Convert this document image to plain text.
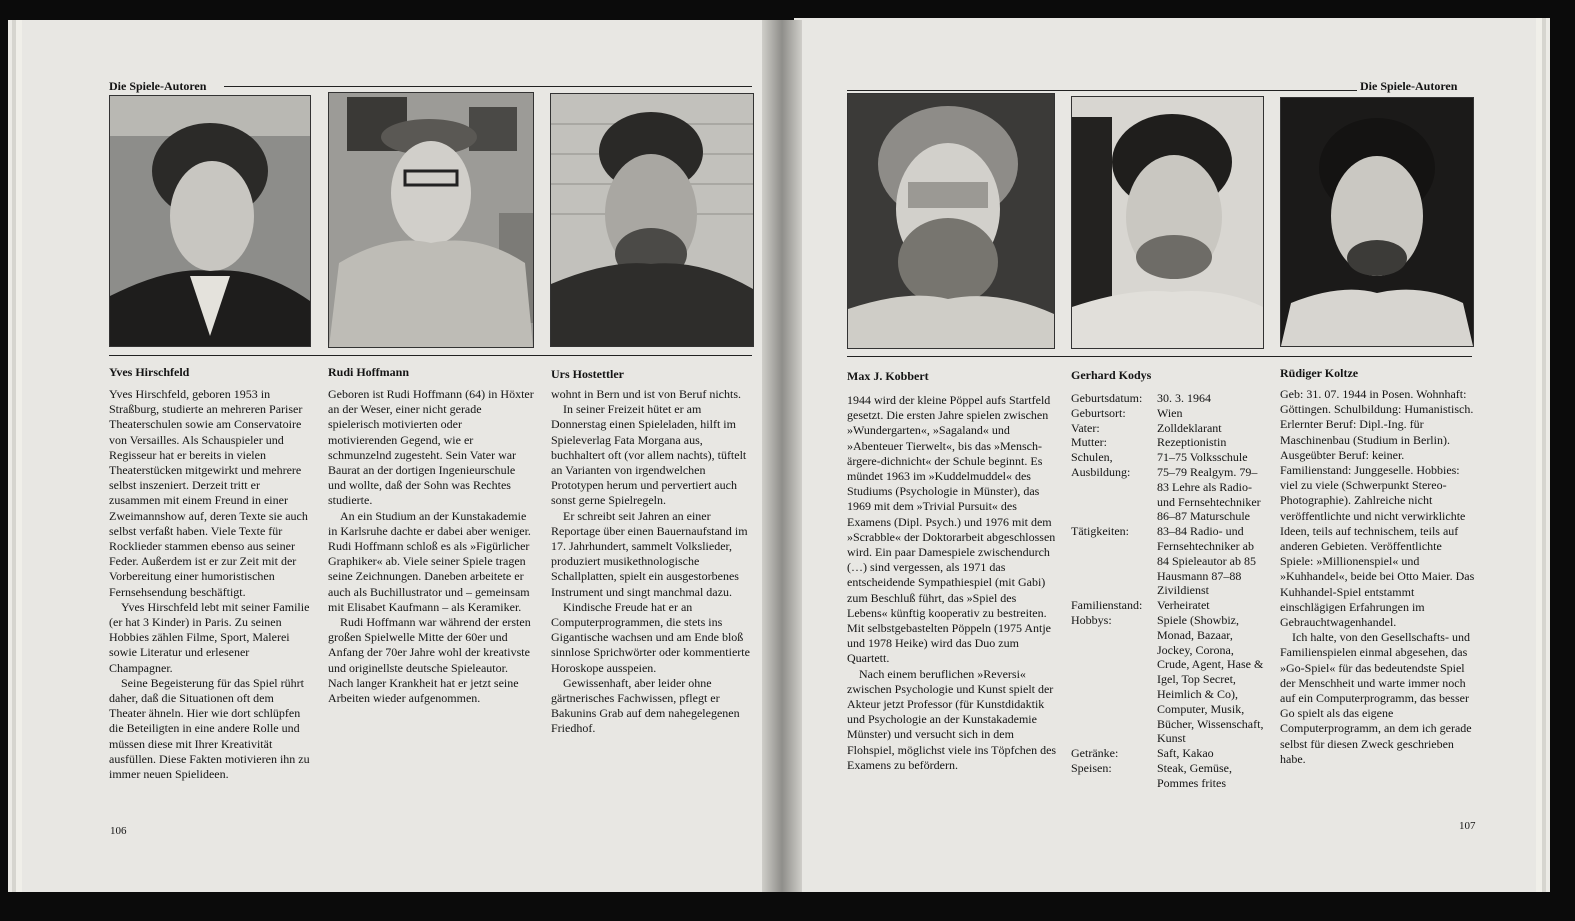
Die Spiele-Autoren	Die Spiele-Autoren
Yves Hirschfeld	Rudi Hoffmann	Urs Hostettler	Max J. Kobbert	Gerhard Kodys	Rüdiger Koltze

Yves Hirschfeld, geboren 1953 in Straßburg, studierte an mehreren Pariser Theaterschulen sowie am Conservatoire von Versailles. Als Schauspieler und Regisseur hat er bereits in vielen Theaterstücken mitgewirkt und mehrere selbst inszeniert. Derzeit tritt er zusammen mit einem Freund in einer Zweimannshow auf, deren Texte sie auch selbst verfaßt haben. Viele Texte für Rocklieder stammen ebenso aus seiner Feder. Außerdem ist er zur Zeit mit der Vorbereitung einer humoristischen Fernsehsendung beschäftigt.

Yves Hirschfeld lebt mit seiner Familie (er hat 3 Kinder) in Paris. Zu seinen Hobbies zählen Filme, Sport, Malerei sowie Literatur und erlesener Champagner.

Seine Begeisterung für das Spiel rührt daher, daß die Situationen oft dem Theater ähneln. Hier wie dort schlüpfen die Beteiligten in eine andere Rolle und müssen diese mit Ihrer Kreativität ausfüllen. Diese Fakten motivieren ihn zu immer neuen Spielideen.

Geboren ist Rudi Hoffmann (64) in Höxter an der Weser, einer nicht gerade spielerisch motivierten oder motivierenden Gegend, wie er schmunzelnd zugesteht. Sein Vater war Baurat an der dortigen Ingenieurschule und wollte, daß der Sohn was Rechtes studierte.

An ein Studium an der Kunstakademie in Karlsruhe dachte er dabei aber weniger. Rudi Hoffmann schloß es als »Figürlicher Graphiker« ab. Viele seiner Spiele tragen seine Zeichnungen. Daneben arbeitete er auch als Buchillustrator und – gemeinsam mit Elisabet Kaufmann – als Keramiker.

Rudi Hoffmann war während der ersten großen Spielwelle Mitte der 60er und Anfang der 70er Jahre wohl der kreativste und originellste deutsche Spieleautor. Nach langer Krankheit hat er jetzt seine Arbeiten wieder aufgenommen.

wohnt in Bern und ist von Beruf nichts.

In seiner Freizeit hütet er am Donnerstag einen Spieleladen, hilft im Spieleverlag Fata Morgana aus, buchhaltert oft (vor allem nachts), tüftelt an Varianten von irgendwelchen Prototypen herum und pervertiert auch sonst gerne Spielregeln.

Er schreibt seit Jahren an einer Reportage über einen Bauernaufstand im 17. Jahrhundert, sammelt Volkslieder, produziert musikethnologische Schallplatten, spielt ein ausgestorbenes Instrument und singt manchmal dazu.

Kindische Freude hat er an Computerprogrammen, die stets ins Gigantische wachsen und am Ende bloß sinnlose Sprichwörter oder kommentierte Horoskope ausspeien.

Gewissenhaft, aber leider ohne gärtnerisches Fachwissen, pflegt er Bakunins Grab auf dem nahegelegenen Friedhof.

1944 wird der kleine Pöppel aufs Startfeld gesetzt. Die ersten Jahre spielen zwischen »Wundergarten«, »Sagaland« und »Abenteuer Tierwelt«, bis das »Mensch-ärgere-dichnicht« der Schule beginnt. Es mündet 1963 im »Kuddelmuddel« des Studiums (Psychologie in Münster), das 1969 mit dem »Trivial Pursuit« des Examens (Dipl. Psych.) und 1976 mit dem »Scrabble« der Doktorarbeit abgeschlossen wird. Ein paar Damespiele zwischendurch (…) sind vergessen, als 1971 das entscheidende Sympathiespiel (mit Gabi) zum Beschluß führt, das »Spiel des Lebens« künftig kooperativ zu bestreiten. Mit selbstgebastelten Pöppeln (1975 Antje und 1978 Heike) wird das Duo zum Quartett.

Nach einem beruflichen »Reversi« zwischen Psychologie und Kunst spielt der Akteur jetzt Professor (für Kunstdidaktik und Psychologie an der Kunstakademie Münster) und versucht sich in dem Flohspiel, möglichst viele ins Töpfchen des Examens zu befördern.

Geburtsdatum:	30. 3. 1964
Geburtsort:	Wien
Vater:	Zolldeklarant
Mutter:	Rezeptionistin
Schulen,	71–75 Volksschule
Ausbildung:	75–79 Realgym. 79–83 Lehre als Radio- und Fernsehtechniker 86–87 Maturschule
Tätigkeiten:	83–84 Radio- und Fernsehtechniker ab 84 Spieleautor ab 85 Hausmann 87–88 Zivildienst
Familienstand:	Verheiratet
Hobbys:	Spiele (Showbiz, Monad, Bazaar, Jockey, Corona, Crude, Agent, Hase & Igel, Top Secret, Heimlich & Co), Computer, Musik, Bücher, Wissenschaft, Kunst
Getränke:	Saft, Kakao
Speisen:	Steak, Gemüse, Pommes frites

Geb: 31. 07. 1944 in Posen. Wohnhaft: Göttingen. Schulbildung: Humanistisch. Erlernter Beruf: Dipl.-Ing. für Maschinenbau (Studium in Berlin). Ausgeübter Beruf: keiner. Familienstand: Junggeselle. Hobbies: viel zu viele (Schwerpunkt Stereo-Photographie). Zahlreiche nicht veröffentlichte und nicht verwirklichte Ideen, teils auf technischem, teils auf anderen Gebieten. Veröffentlichte Spiele: »Millionenspiel« und »Kuhhandel«, beide bei Otto Maier. Das Kuhhandel-Spiel entstammt einschlägigen Erfahrungen im Gebrauchtwagenhandel.

Ich halte, von den Gesellschafts- und Familienspielen einmal abgesehen, das »Go-Spiel« für das bedeutendste Spiel der Menschheit und warte immer noch auf ein Computerprogramm, das besser Go spielt als das eigene Computerprogramm, an dem ich gerade selbst für diesen Zweck geschrieben habe.

106	107
